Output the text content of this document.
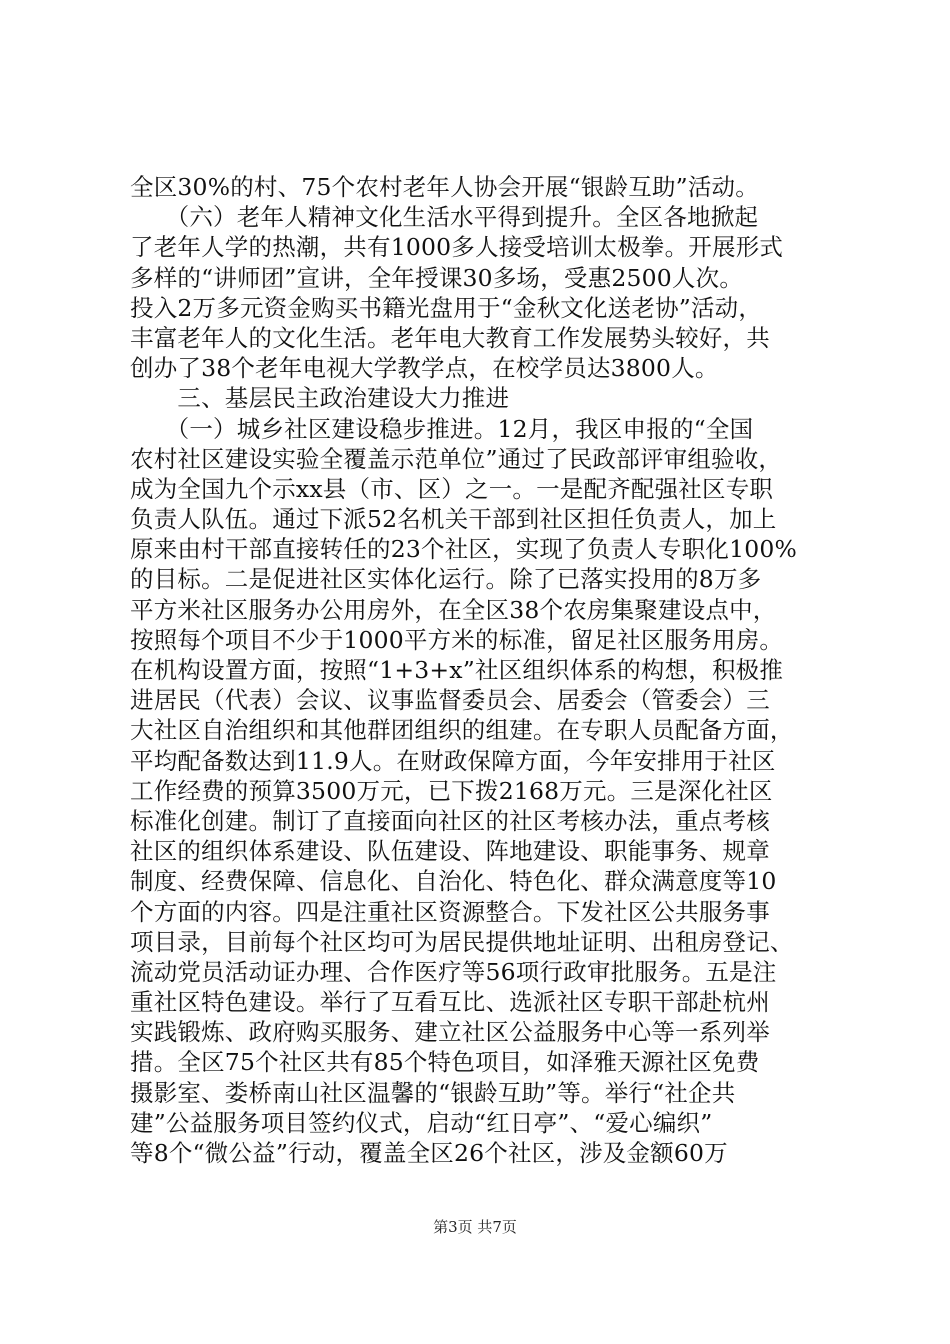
全区30%的村、75个农村老年人协会开展“银龄互助”活动。
　　（六）老年人精神文化生活水平得到提升。全区各地掀起
了老年人学的热潮，共有1000多人接受培训太极拳。开展形式
多样的“讲师团”宣讲，全年授课30多场，受惠2500人次。
投入2万多元资金购买书籍光盘用于“金秋文化送老协”活动，
丰富老年人的文化生活。老年电大教育工作发展势头较好，共
创办了38个老年电视大学教学点，在校学员达3800人。
　　三、基层民主政治建设大力推进
　　（一）城乡社区建设稳步推进。12月，我区申报的“全国
农村社区建设实验全覆盖示范单位”通过了民政部评审组验收，
成为全国九个示xx县（市、区）之一。一是配齐配强社区专职
负责人队伍。通过下派52名机关干部到社区担任负责人，加上
原来由村干部直接转任的23个社区，实现了负责人专职化100%
的目标。二是促进社区实体化运行。除了已落实投用的8万多
平方米社区服务办公用房外，在全区38个农房集聚建设点中，
按照每个项目不少于1000平方米的标准，留足社区服务用房。
在机构设置方面，按照“1+3+x”社区组织体系的构想，积极推
进居民（代表）会议、议事监督委员会、居委会（管委会）三
大社区自治组织和其他群团组织的组建。在专职人员配备方面，
平均配备数达到11.9人。在财政保障方面，今年安排用于社区
工作经费的预算3500万元，已下拨2168万元。三是深化社区
标准化创建。制订了直接面向社区的社区考核办法，重点考核
社区的组织体系建设、队伍建设、阵地建设、职能事务、规章
制度、经费保障、信息化、自治化、特色化、群众满意度等10
个方面的内容。四是注重社区资源整合。下发社区公共服务事
项目录，目前每个社区均可为居民提供地址证明、出租房登记、
流动党员活动证办理、合作医疗等56项行政审批服务。五是注
重社区特色建设。举行了互看互比、选派社区专职干部赴杭州
实践锻炼、政府购买服务、建立社区公益服务中心等一系列举
措。全区75个社区共有85个特色项目，如泽雅天源社区免费
摄影室、娄桥南山社区温馨的“银龄互助”等。举行“社企共
建”公益服务项目签约仪式，启动“红日亭”、“爱心编织”
等8个“微公益”行动，覆盖全区26个社区，涉及金额60万
第3页 共7页
